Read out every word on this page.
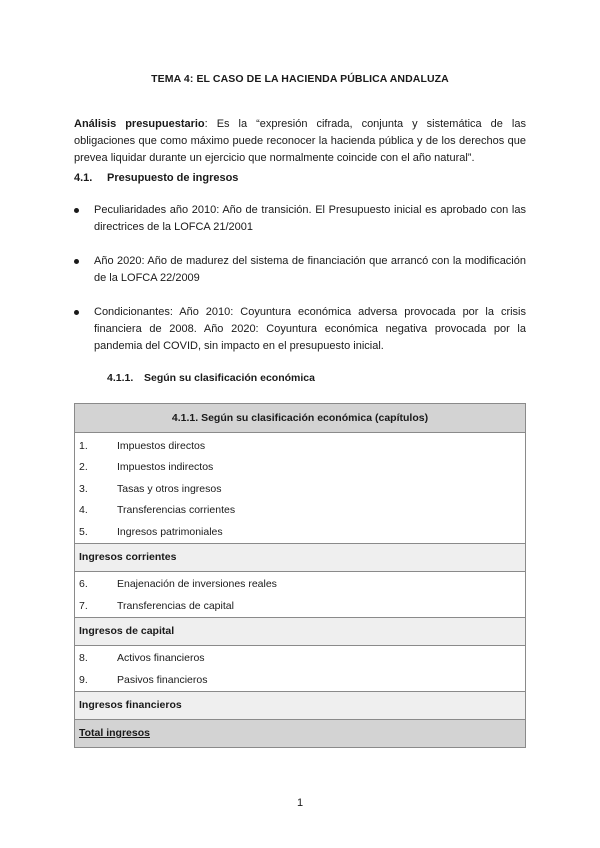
TEMA 4: EL CASO DE LA HACIENDA PÚBLICA ANDALUZA

Análisis presupuestario: Es la “expresión cifrada, conjunta y sistemática de las obligaciones que como máximo puede reconocer la hacienda pública y de los derechos que prevea liquidar durante un ejercicio que normalmente coincide con el año natural”.

4.1. Presupuesto de ingresos
Peculiaridades año 2010: Año de transición. El Presupuesto inicial es aprobado con las directrices de la LOFCA 21/2001
Año 2020: Año de madurez del sistema de financiación que arrancó con la modificación de la LOFCA 22/2009
Condicionantes: Año 2010: Coyuntura económica adversa provocada por la crisis financiera de 2008. Año 2020: Coyuntura económica negativa provocada por la pandemia del COVID, sin impacto en el presupuesto inicial.
4.1.1. Según su clasificación económica
4.1.1. Según su clasificación económica (capítulos)
1.	Impuestos directos
2.	Impuestos indirectos
3.	Tasas y otros ingresos
4.	Transferencias corrientes
5.	Ingresos patrimoniales
Ingresos corrientes
6.	Enajenación de inversiones reales
7.	Transferencias de capital
Ingresos de capital
8.	Activos financieros
9.	Pasivos financieros
Ingresos financieros
Total ingresos
1
